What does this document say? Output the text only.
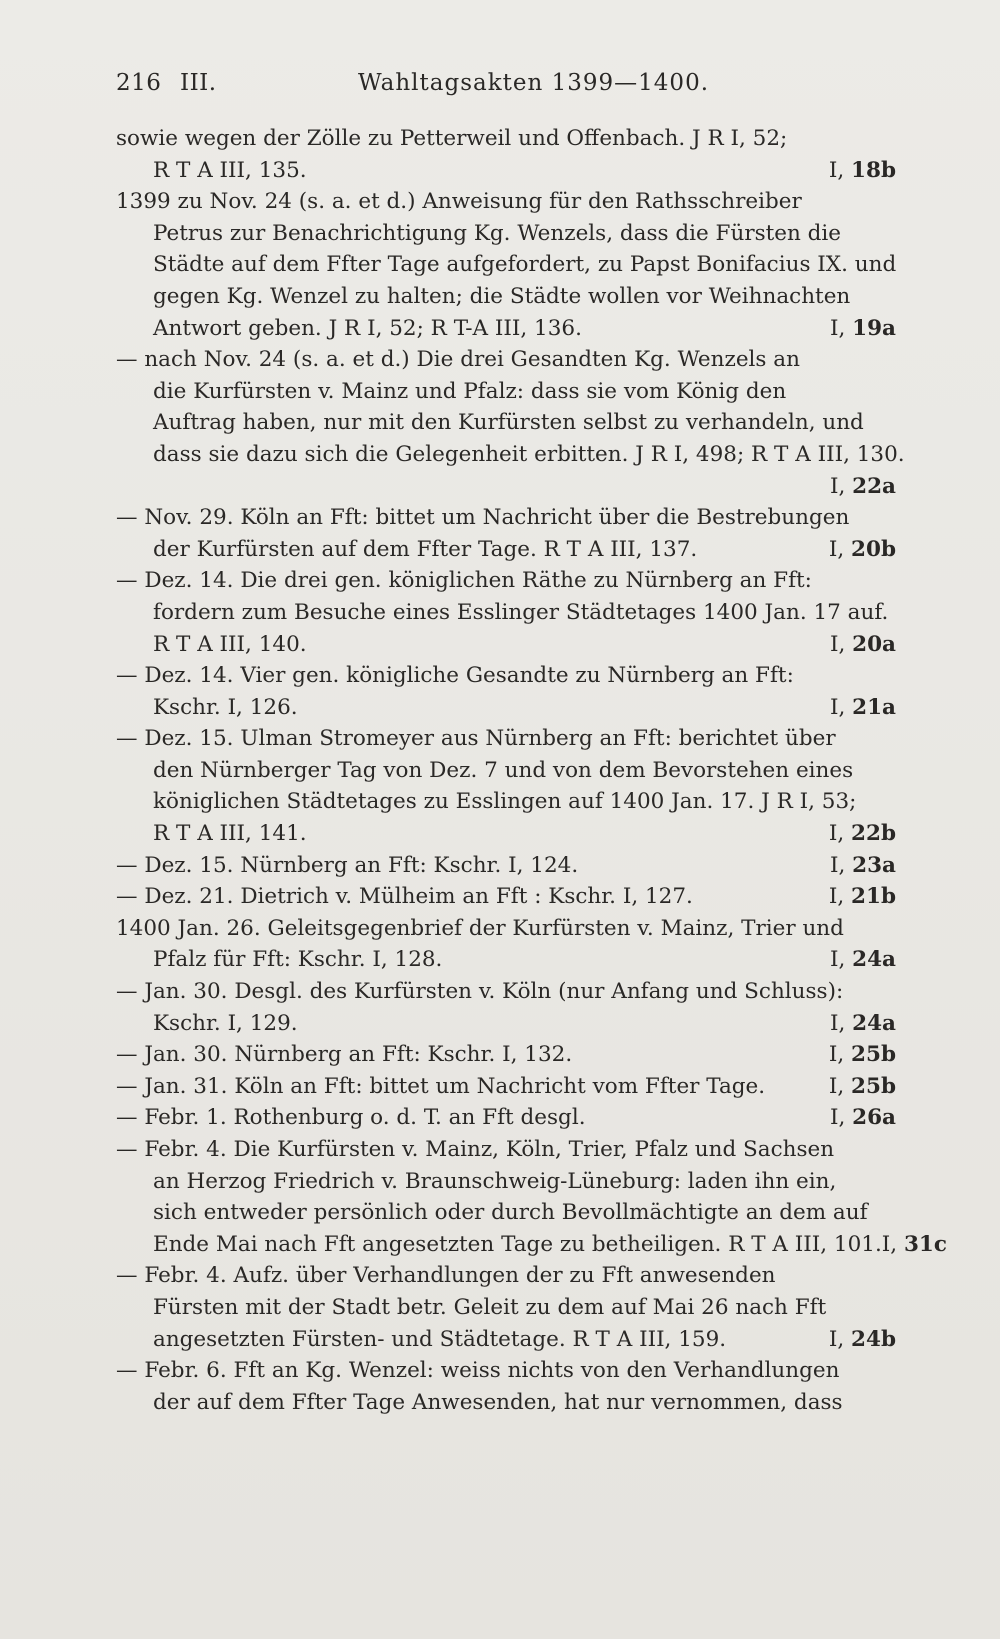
216 III.	Wahltagsakten 1399—1400.
sowie wegen der Zölle zu Petterweil und Offenbach. J R I, 52;
R T A III, 135.	I, 18b
1399 zu Nov. 24 (s. a. et d.) Anweisung für den Rathsschreiber
Petrus zur Benachrichtigung Kg. Wenzels, dass die Fürsten die
Städte auf dem Ffter Tage aufgefordert, zu Papst Bonifacius IX. und
gegen Kg. Wenzel zu halten; die Städte wollen vor Weihnachten
Antwort geben. J R I, 52; R T-A III, 136.	I, 19a
— nach Nov. 24 (s. a. et d.) Die drei Gesandten Kg. Wenzels an
die Kurfürsten v. Mainz und Pfalz: dass sie vom König den
Auftrag haben, nur mit den Kurfürsten selbst zu verhandeln, und
dass sie dazu sich die Gelegenheit erbitten. J R I, 498; R T A III, 130.
I, 22a
— Nov. 29. Köln an Fft: bittet um Nachricht über die Bestrebungen
der Kurfürsten auf dem Ffter Tage. R T A III, 137.	I, 20b
— Dez. 14. Die drei gen. königlichen Räthe zu Nürnberg an Fft:
fordern zum Besuche eines Esslinger Städtetages 1400 Jan. 17 auf.
R T A III, 140.	I, 20a
— Dez. 14. Vier gen. königliche Gesandte zu Nürnberg an Fft:
Kschr. I, 126.	I, 21a
— Dez. 15. Ulman Stromeyer aus Nürnberg an Fft: berichtet über
den Nürnberger Tag von Dez. 7 und von dem Bevorstehen eines
königlichen Städtetages zu Esslingen auf 1400 Jan. 17. J R I, 53;
R T A III, 141.	I, 22b
— Dez. 15. Nürnberg an Fft: Kschr. I, 124.	I, 23a
— Dez. 21. Dietrich v. Mülheim an Fft : Kschr. I, 127.	I, 21b
1400 Jan. 26. Geleitsgegenbrief der Kurfürsten v. Mainz, Trier und
Pfalz für Fft: Kschr. I, 128.	I, 24a
— Jan. 30. Desgl. des Kurfürsten v. Köln (nur Anfang und Schluss):
Kschr. I, 129.	I, 24a
— Jan. 30. Nürnberg an Fft: Kschr. I, 132.	I, 25b
— Jan. 31. Köln an Fft: bittet um Nachricht vom Ffter Tage.	I, 25b
— Febr. 1. Rothenburg o. d. T. an Fft desgl.	I, 26a
— Febr. 4. Die Kurfürsten v. Mainz, Köln, Trier, Pfalz und Sachsen
an Herzog Friedrich v. Braunschweig-Lüneburg: laden ihn ein,
sich entweder persönlich oder durch Bevollmächtigte an dem auf
Ende Mai nach Fft angesetzten Tage zu betheiligen. R T A III, 101. I, 31c
— Febr. 4. Aufz. über Verhandlungen der zu Fft anwesenden
Fürsten mit der Stadt betr. Geleit zu dem auf Mai 26 nach Fft
angesetzten Fürsten- und Städtetage. R T A III, 159.	I, 24b
— Febr. 6. Fft an Kg. Wenzel: weiss nichts von den Verhandlungen
der auf dem Ffter Tage Anwesenden, hat nur vernommen, dass
